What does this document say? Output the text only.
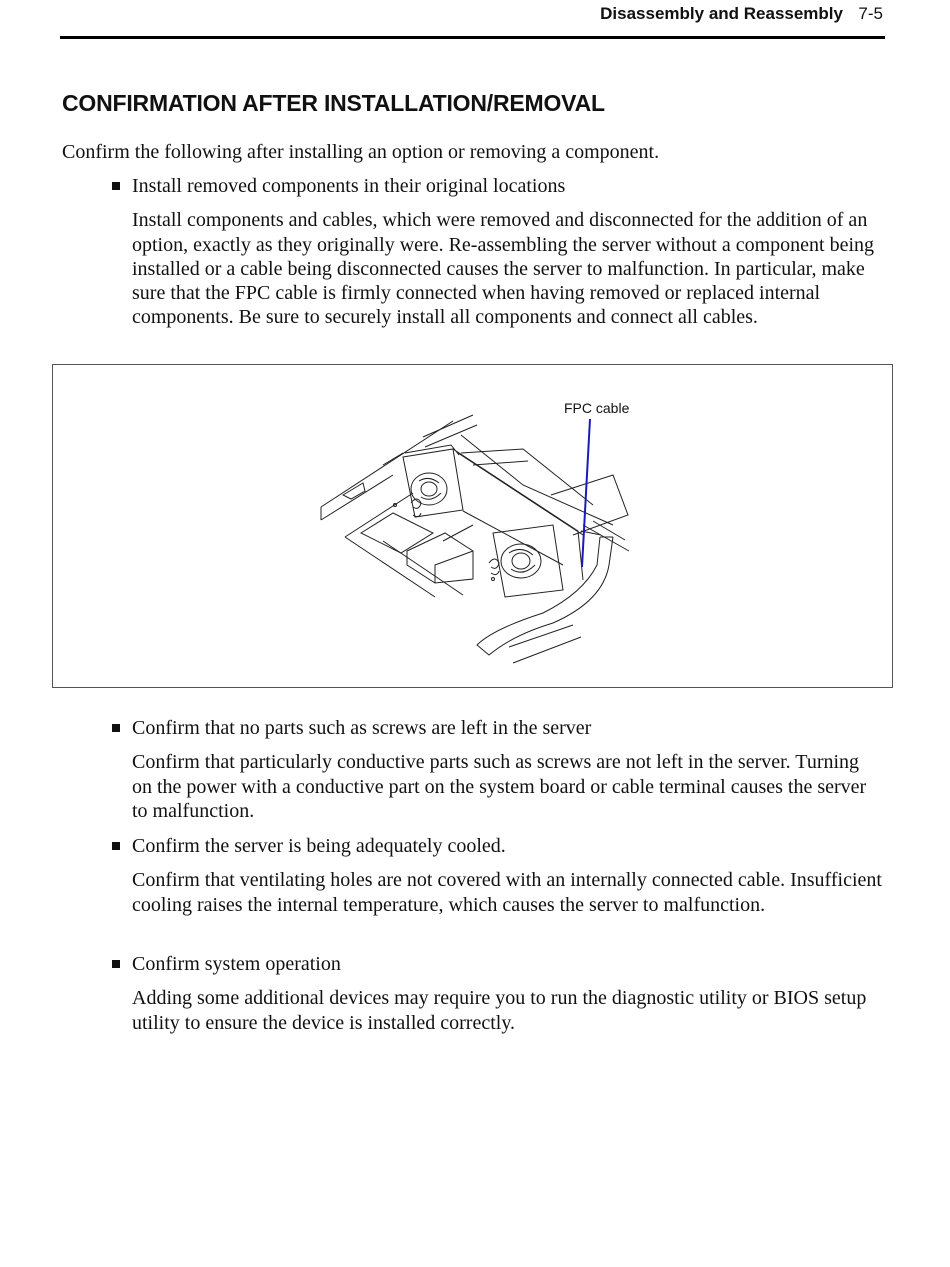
Disassembly and Reassembly 7-5
CONFIRMATION AFTER INSTALLATION/REMOVAL

Confirm the following after installing an option or removing a component.

Install removed components in their original locations
Install components and cables, which were removed and disconnected for the addition of an option, exactly as they originally were. Re-assembling the server without a component being installed or a cable being disconnected causes the server to malfunction. In particular, make sure that the FPC cable is firmly connected when having removed or replaced internal components. Be sure to securely install all components and connect all cables.
FPC cable
Confirm that no parts such as screws are left in the server
Confirm that particularly conductive parts such as screws are not left in the server. Turning on the power with a conductive part on the system board or cable terminal causes the server to malfunction.
Confirm the server is being adequately cooled.
Confirm that ventilating holes are not covered with an internally connected cable. Insufficient cooling raises the internal temperature, which causes the server to malfunction.
Confirm system operation
Adding some additional devices may require you to run the diagnostic utility or BIOS setup utility to ensure the device is installed correctly.
